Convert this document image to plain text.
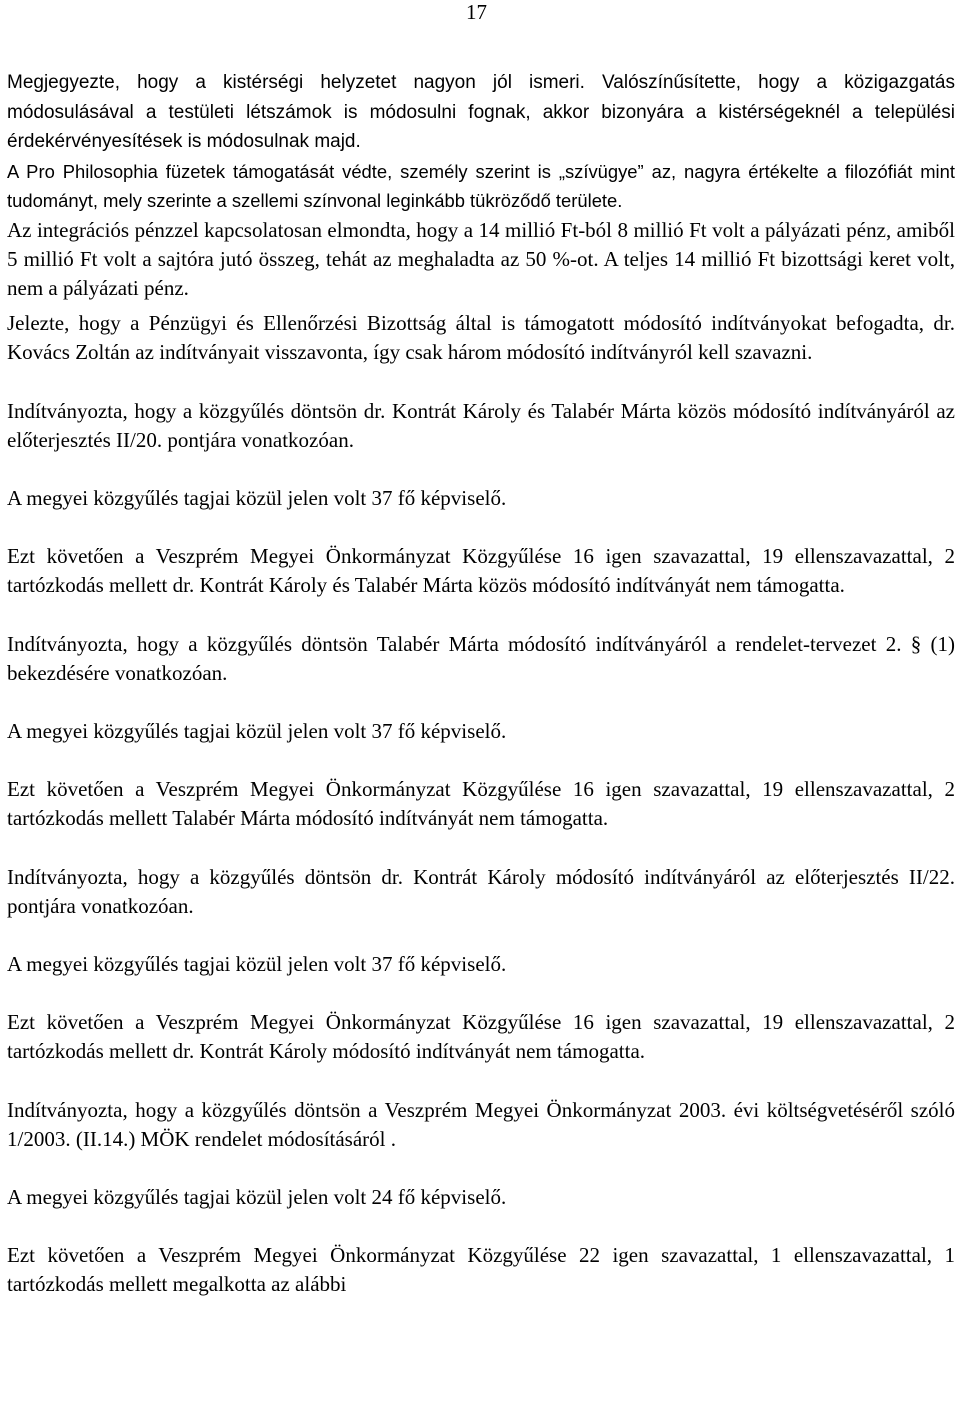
17

Megjegyezte, hogy a kistérségi helyzetet nagyon jól ismeri. Valószínűsítette, hogy a közigazgatás módosulásával a testületi létszámok is módosulni fognak, akkor bizonyára a kistérségeknél a települési érdekérvényesítések is módosulnak majd.

A Pro Philosophia füzetek támogatását védte, személy szerint is „szívügye” az, nagyra értékelte a filozófiát mint tudományt, mely szerinte a szellemi színvonal leginkább tükröződő területe.

Az integrációs pénzzel kapcsolatosan elmondta, hogy a 14 millió Ft-ból 8 millió Ft volt a pályázati pénz, amiből 5 millió Ft volt a sajtóra jutó összeg, tehát az meghaladta az 50 %-ot. A teljes 14 millió Ft bizottsági keret volt, nem a pályázati pénz.

Jelezte, hogy a Pénzügyi és Ellenőrzési Bizottság által is támogatott módosító indítványokat befogadta, dr. Kovács Zoltán az indítványait visszavonta, így csak három módosító indítványról kell szavazni.

Indítványozta, hogy a közgyűlés döntsön dr. Kontrát Károly és Talabér Márta közös módosító indítványáról az előterjesztés II/20. pontjára vonatkozóan.

A megyei közgyűlés tagjai közül jelen volt 37 fő képviselő.

Ezt követően a Veszprém Megyei Önkormányzat Közgyűlése 16 igen szavazattal, 19 ellenszavazattal, 2 tartózkodás mellett dr. Kontrát Károly és Talabér Márta közös módosító indítványát nem támogatta.

Indítványozta, hogy a közgyűlés döntsön Talabér Márta módosító indítványáról a rendelet-tervezet 2. § (1) bekezdésére vonatkozóan.

A megyei közgyűlés tagjai közül jelen volt 37 fő képviselő.

Ezt követően a Veszprém Megyei Önkormányzat Közgyűlése 16 igen szavazattal, 19 ellenszavazattal, 2 tartózkodás mellett Talabér Márta módosító indítványát nem támogatta.

Indítványozta, hogy a közgyűlés döntsön dr. Kontrát Károly módosító indítványáról az előterjesztés II/22. pontjára vonatkozóan.

A megyei közgyűlés tagjai közül jelen volt 37 fő képviselő.

Ezt követően a Veszprém Megyei Önkormányzat Közgyűlése 16 igen szavazattal, 19 ellenszavazattal, 2 tartózkodás mellett dr. Kontrát Károly módosító indítványát nem támogatta.

Indítványozta, hogy a közgyűlés döntsön a Veszprém Megyei Önkormányzat 2003. évi költségvetéséről szóló 1/2003. (II.14.) MÖK rendelet módosításáról .

A megyei közgyűlés tagjai közül jelen volt 24 fő képviselő.

Ezt követően a Veszprém Megyei Önkormányzat Közgyűlése 22 igen szavazattal, 1 ellenszavazattal, 1 tartózkodás mellett megalkotta az alábbi
